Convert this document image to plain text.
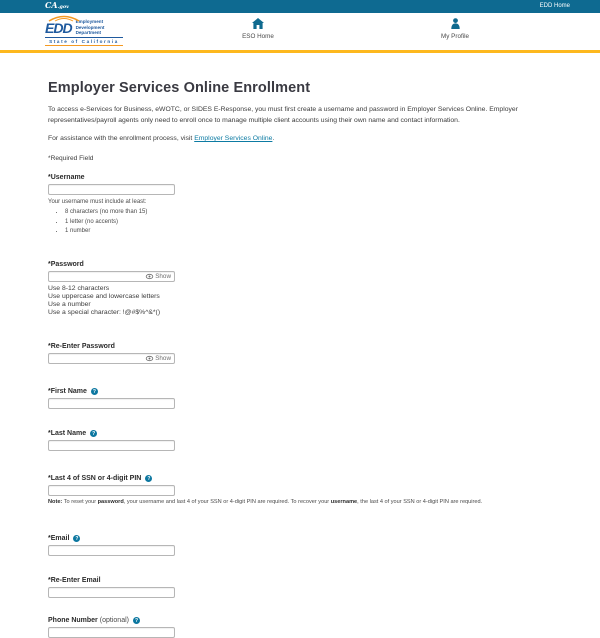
CA.gov	EDD Home
EDD Employment
Development
Department
State of California
ESO Home	My Profile
Employer Services Online Enrollment

To access e-Services for Business, eWOTC, or SIDES E-Response, you must first create a username and password in Employer Services Online. Employer representatives/payroll agents only need to enroll once to manage multiple client accounts using their own name and contact information.

For assistance with the enrollment process, visit Employer Services Online.

*Required Field
*Username
Your username must include at least:
• 8 characters (no more than 15)
• 1 letter (no accents)
• 1 number
*Password
Show
Use 8-12 characters
Use uppercase and lowercase letters
Use a number
Use a special character: !@#$%^&*()
*Re-Enter Password
Show
*First Name	?
*Last Name	?
*Last 4 of SSN or 4-digit PIN	?
Note: To reset your password, your username and last 4 of your SSN or 4-digit PIN are required. To recover your username, the last 4 of your SSN or 4-digit PIN are required.
*Email	?
*Re-Enter Email
Phone Number (optional)	?
